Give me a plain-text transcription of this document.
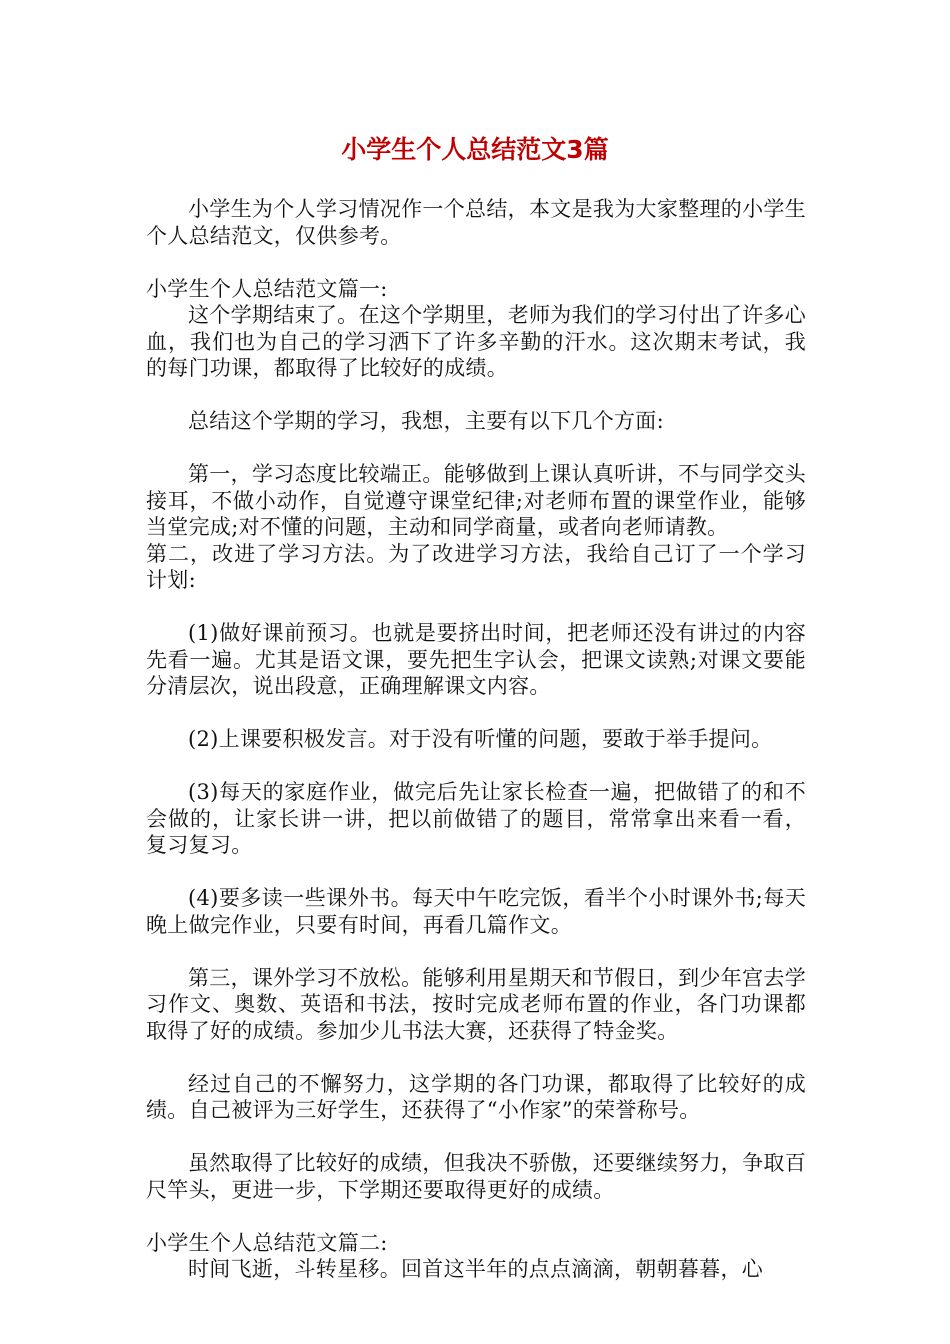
小学生个人总结范文3篇

小学生为个人学习情况作一个总结，本文是我为大家整理的小学生个人总结范文，仅供参考。

小学生个人总结范文篇一:

这个学期结束了。在这个学期里，老师为我们的学习付出了许多心血，我们也为自己的学习洒下了许多辛勤的汗水。这次期末考试，我的每门功课，都取得了比较好的成绩。

总结这个学期的学习，我想，主要有以下几个方面:

第一，学习态度比较端正。能够做到上课认真听讲，不与同学交头接耳，不做小动作，自觉遵守课堂纪律;对老师布置的课堂作业，能够当堂完成;对不懂的问题，主动和同学商量，或者向老师请教。

第二，改进了学习方法。为了改进学习方法，我给自己订了一个学习计划:

(1)做好课前预习。也就是要挤出时间，把老师还没有讲过的内容先看一遍。尤其是语文课，要先把生字认会，把课文读熟;对课文要能分清层次，说出段意，正确理解课文内容。

(2)上课要积极发言。对于没有听懂的问题，要敢于举手提问。

(3)每天的家庭作业，做完后先让家长检查一遍，把做错了的和不会做的，让家长讲一讲，把以前做错了的题目，常常拿出来看一看，复习复习。

(4)要多读一些课外书。每天中午吃完饭，看半个小时课外书;每天晚上做完作业，只要有时间，再看几篇作文。

第三，课外学习不放松。能够利用星期天和节假日，到少年宫去学习作文、奥数、英语和书法，按时完成老师布置的作业，各门功课都取得了好的成绩。参加少儿书法大赛，还获得了特金奖。

经过自己的不懈努力，这学期的各门功课，都取得了比较好的成绩。自己被评为三好学生，还获得了“小作家”的荣誉称号。

虽然取得了比较好的成绩，但我决不骄傲，还要继续努力，争取百尺竿头，更进一步，下学期还要取得更好的成绩。

小学生个人总结范文篇二:

时间飞逝，斗转星移。回首这半年的点点滴滴，朝朝暮暮，心
